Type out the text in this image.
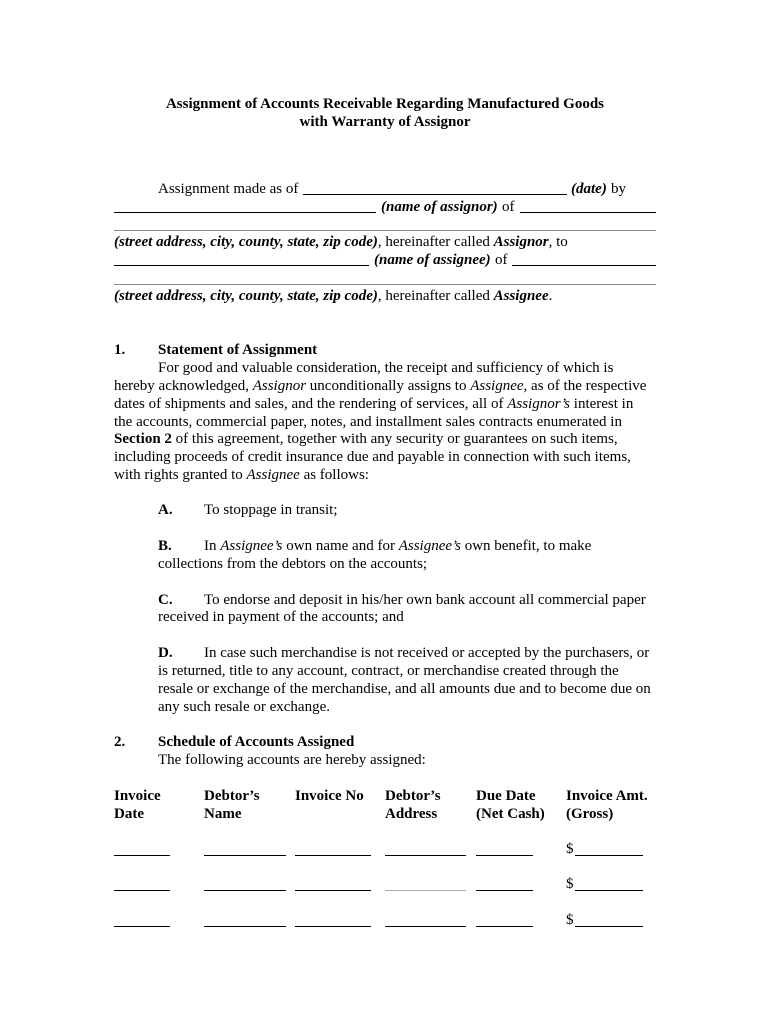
Assignment of Accounts Receivable Regarding Manufactured Goods
with Warranty of Assignor
Assignment made as of	(date) by
(name of assignor) of
(street address, city, county, state, zip code), hereinafter called Assignor, to
(name of assignee) of
(street address, city, county, state, zip code), hereinafter called Assignee.
1. Statement of Assignment
For good and valuable consideration, the receipt and sufficiency of which is
hereby acknowledged, Assignor unconditionally assigns to Assignee, as of the respective
dates of shipments and sales, and the rendering of services, all of Assignor’s interest in
the accounts, commercial paper, notes, and installment sales contracts enumerated in
Section 2 of this agreement, together with any security or guarantees on such items,
including proceeds of credit insurance due and payable in connection with such items,
with rights granted to Assignee as follows:
A. To stoppage in transit;
B. In Assignee’s own name and for Assignee’s own benefit, to make
collections from the debtors on the accounts;
C. To endorse and deposit in his/her own bank account all commercial paper
received in payment of the accounts; and
D. In case such merchandise is not received or accepted by the purchasers, or
is returned, title to any account, contract, or merchandise created through the
resale or exchange of the merchandise, and all amounts due and to become due on
any such resale or exchange.
2. Schedule of Accounts Assigned
The following accounts are hereby assigned:
Invoice
Date
Debtor’s
Name
Invoice No Debtor’s
Address
Due Date
(Net Cash)
Invoice Amt.
(Gross)
$
$
$
